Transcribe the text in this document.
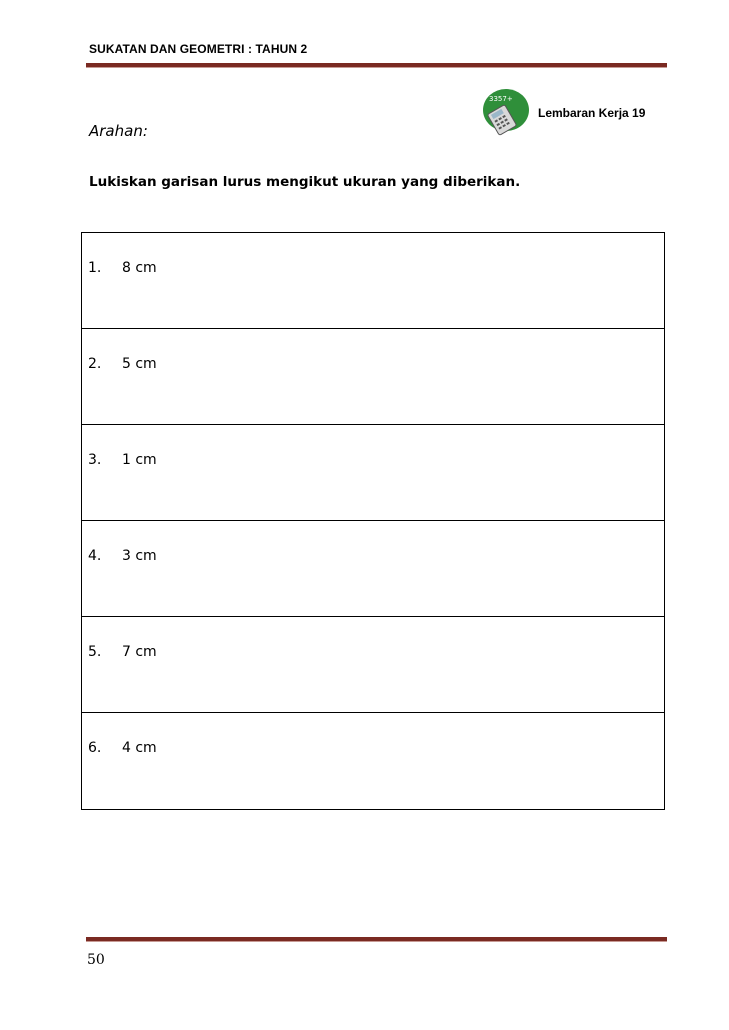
SUKATAN DAN GEOMETRI : TAHUN 2
3357+
Lembaran Kerja 19
Arahan:
Lukiskan garisan lurus mengikut ukuran yang diberikan.
1. 8 cm
2. 5 cm
3. 1 cm
4. 3 cm
5. 7 cm
6. 4 cm
50
